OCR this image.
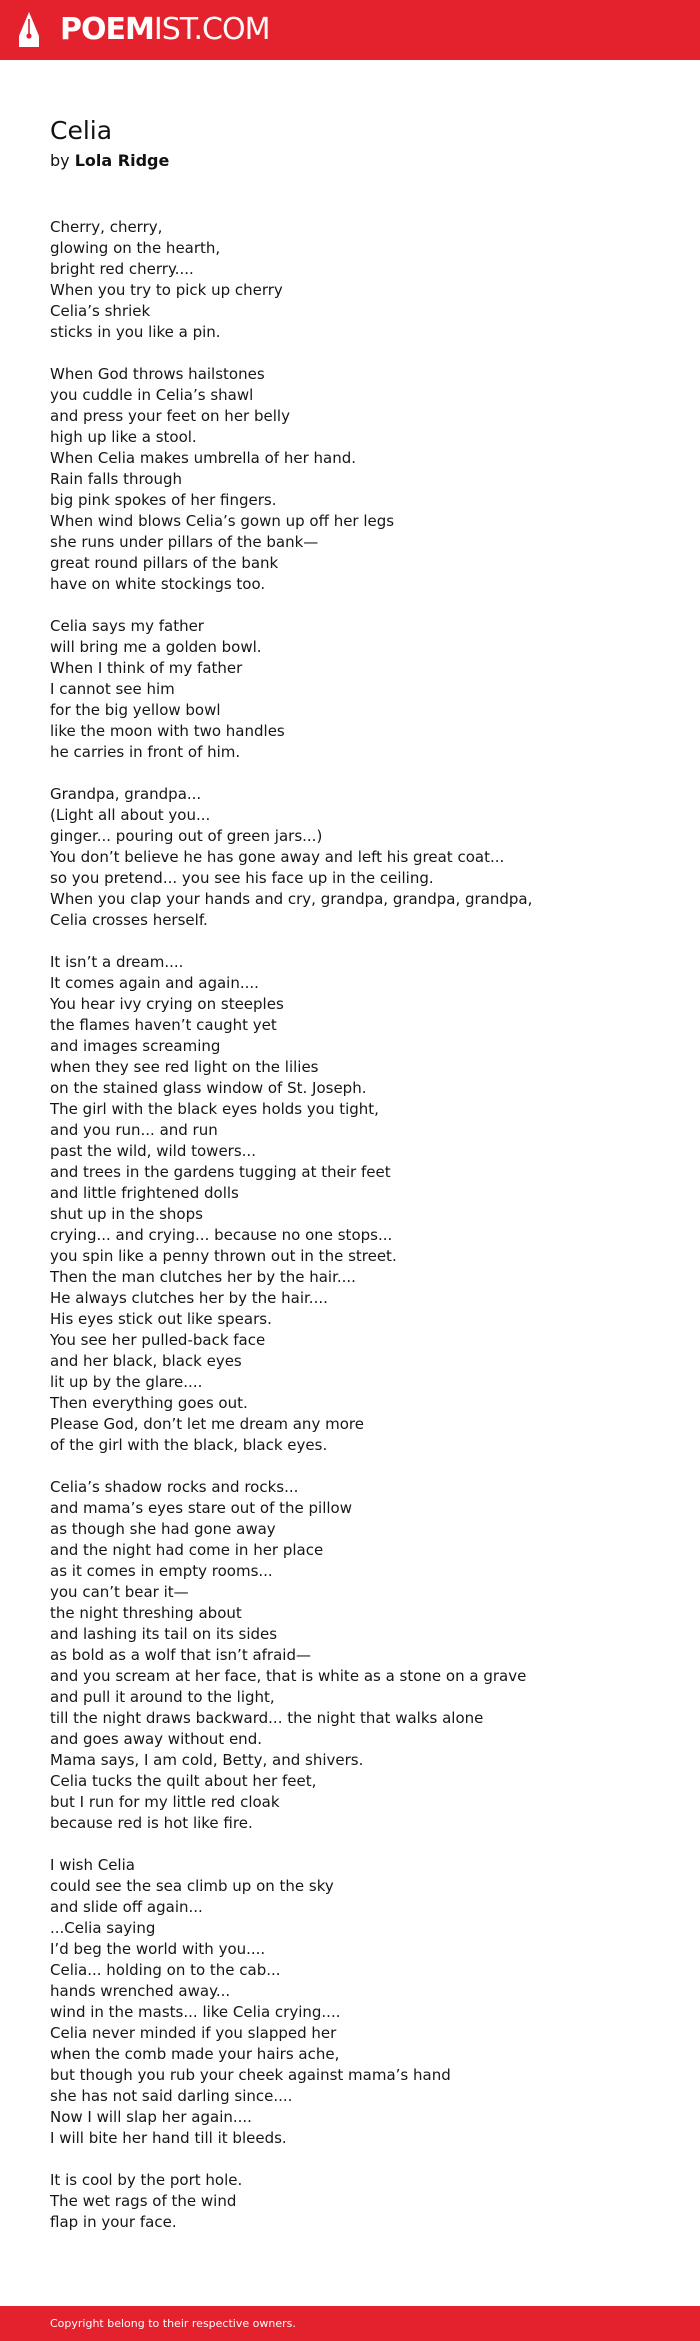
POEMIST.COM
Celia
by Lola Ridge
Cherry, cherry,
glowing on the hearth,
bright red cherry....
When you try to pick up cherry
Celia’s shriek
sticks in you like a pin.
When God throws hailstones
you cuddle in Celia’s shawl
and press your feet on her belly
high up like a stool.
When Celia makes umbrella of her hand.
Rain falls through
big pink spokes of her fingers.
When wind blows Celia’s gown up off her legs
she runs under pillars of the bank—
great round pillars of the bank
have on white stockings too.
Celia says my father
will bring me a golden bowl.
When I think of my father
I cannot see him
for the big yellow bowl
like the moon with two handles
he carries in front of him.
Grandpa, grandpa...
(Light all about you...
ginger... pouring out of green jars...)
You don’t believe he has gone away and left his great coat...
so you pretend... you see his face up in the ceiling.
When you clap your hands and cry, grandpa, grandpa, grandpa,
Celia crosses herself.
It isn’t a dream....
It comes again and again....
You hear ivy crying on steeples
the flames haven’t caught yet
and images screaming
when they see red light on the lilies
on the stained glass window of St. Joseph.
The girl with the black eyes holds you tight,
and you run... and run
past the wild, wild towers...
and trees in the gardens tugging at their feet
and little frightened dolls
shut up in the shops
crying... and crying... because no one stops...
you spin like a penny thrown out in the street.
Then the man clutches her by the hair....
He always clutches her by the hair....
His eyes stick out like spears.
You see her pulled-back face
and her black, black eyes
lit up by the glare....
Then everything goes out.
Please God, don’t let me dream any more
of the girl with the black, black eyes.
Celia’s shadow rocks and rocks...
and mama’s eyes stare out of the pillow
as though she had gone away
and the night had come in her place
as it comes in empty rooms...
you can’t bear it—
the night threshing about
and lashing its tail on its sides
as bold as a wolf that isn’t afraid—
and you scream at her face, that is white as a stone on a grave
and pull it around to the light,
till the night draws backward... the night that walks alone
and goes away without end.
Mama says, I am cold, Betty, and shivers.
Celia tucks the quilt about her feet,
but I run for my little red cloak
because red is hot like fire.
I wish Celia
could see the sea climb up on the sky
and slide off again...
...Celia saying
I’d beg the world with you....
Celia... holding on to the cab...
hands wrenched away...
wind in the masts... like Celia crying....
Celia never minded if you slapped her
when the comb made your hairs ache,
but though you rub your cheek against mama’s hand
she has not said darling since....
Now I will slap her again....
I will bite her hand till it bleeds.
It is cool by the port hole.
The wet rags of the wind
flap in your face.
Copyright belong to their respective owners.
